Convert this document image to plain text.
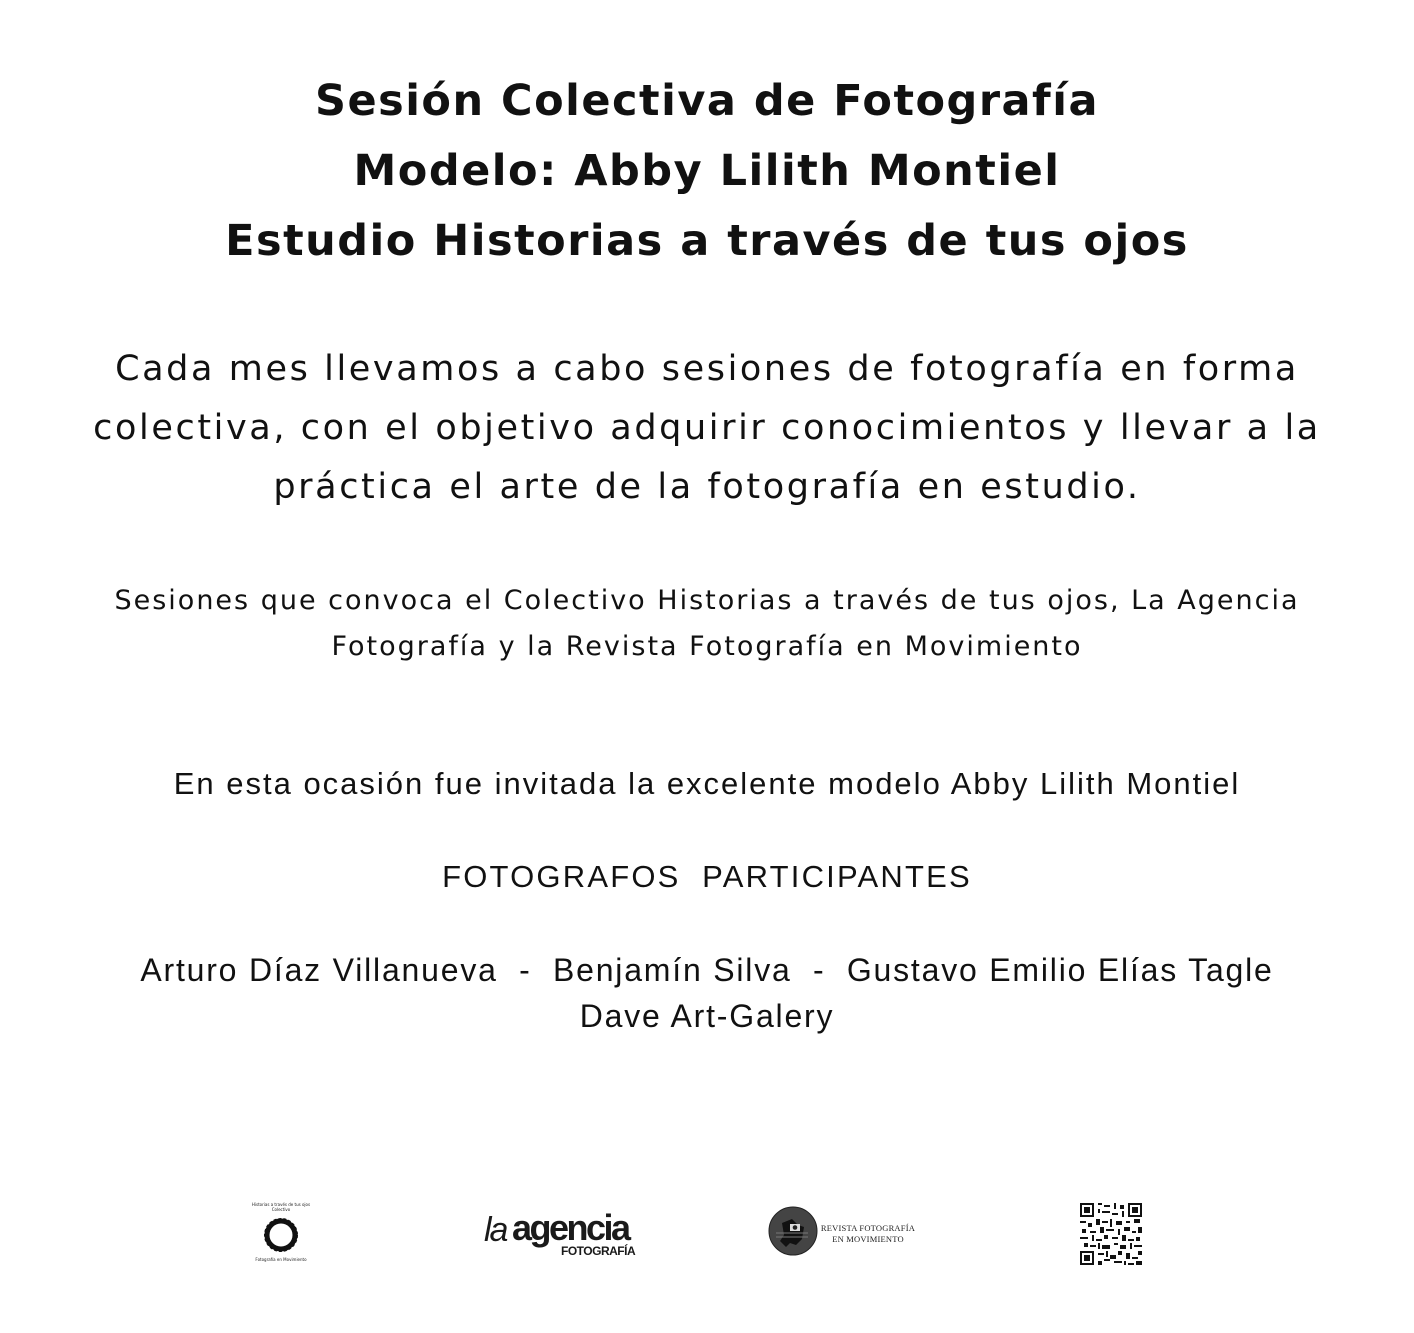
Sesión Colectiva de Fotografía
Modelo: Abby Lilith Montiel
Estudio Historias a través de tus ojos
Cada mes llevamos a cabo sesiones de fotografía en forma
colectiva, con el objetivo adquirir conocimientos y llevar a la
práctica el arte de la fotografía en estudio.
Sesiones que convoca el Colectivo Historias a través de tus ojos, La Agencia
Fotografía y la Revista Fotografía en Movimiento
En esta ocasión fue invitada la excelente modelo Abby Lilith Montiel
FOTOGRAFOS  PARTICIPANTES
Arturo Díaz Villanueva  -  Benjamín Silva  -  Gustavo Emilio Elías Tagle
Dave Art-Galery
Historias a través de tus ojos Colectivo
Fotografía en Movimiento
la agencia
FOTOGRAFÍA
REVISTA FOTOGRAFÍA
EN MOVIMIENTO
